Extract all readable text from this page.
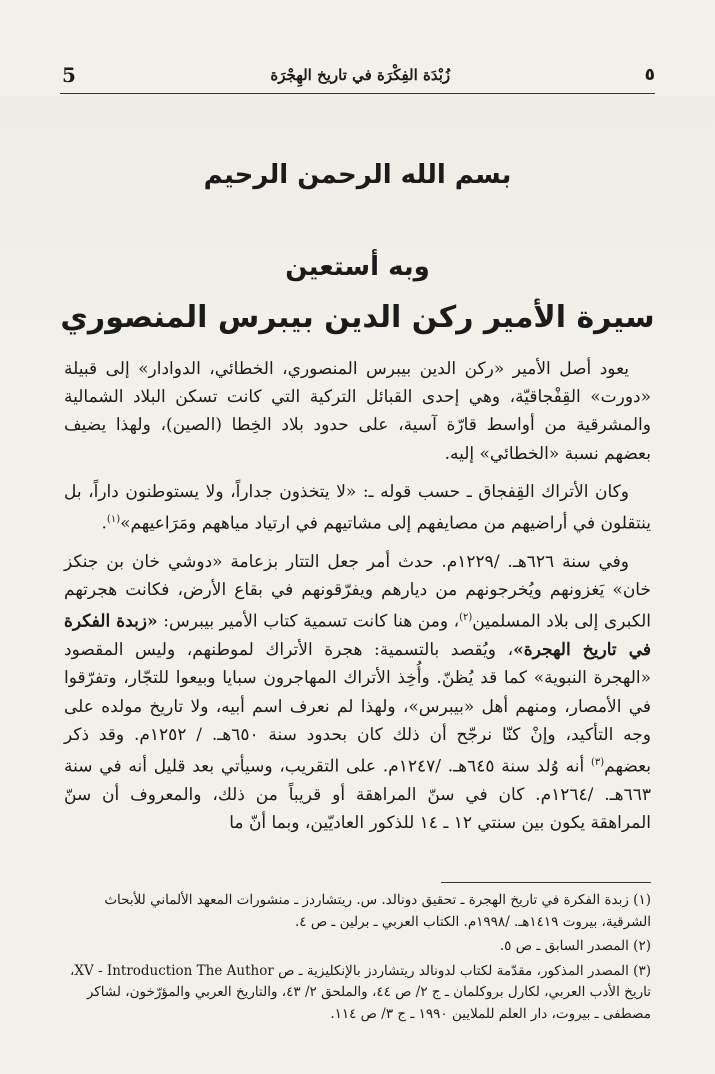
5	زُبْدَة الفِكْرَة في تاريخ الهِجْرَة	٥
بسم الله الرحمن الرحيم
وبه أستعين
سيرة الأمير ركن الدين بيبرس المنصوري

يعود أصل الأمير «ركن الدين بيبرس المنصوري، الخطائي، الدوادار» إلى قبيلة «دورت» القِفْجاقيّة، وهي إحدى القبائل التركية التي كانت تسكن البلاد الشمالية والمشرقية من أواسط قارّة آسية، على حدود بلاد الخِطا (الصين)، ولهذا يضيف بعضهم نسبة «الخطائي» إليه.

وكان الأتراك القِفجاق ـ حسب قوله ـ: «لا يتخذون جداراً، ولا يستوطنون داراً، بل ينتقلون في أراضيهم من مصايفهم إلى مشاتيهم في ارتياد مياههم ومَرَاعيهم»$^{(١)}$.

وفي سنة ٦٢٦هـ. /١٢٢٩م. حدث أمر جعل التتار بزعامة «دوشي خان بن جنكز خان» يَغزونهم ويُخرجونهم من ديارهم ويفرّقونهم في بقاع الأرض، فكانت هجرتهم الكبرى إلى بلاد المسلمين$^{(٢)}$، ومن هنا كانت تسمية كتاب الأمير بيبرس: «زبدة الفكرة في تاريخ الهجرة»، ويُقصد بالتسمية: هجرة الأتراك لموطنهم، وليس المقصود «الهجرة النبوية» كما قد يُظنّ. وأُخِذ الأتراك المهاجرون سبايا وبيعوا للتجّار، وتفرّقوا في الأمصار، ومنهم أهل «بيبرس»، ولهذا لم نعرف اسم أبيه، ولا تاريخ مولده على وجه التأكيد، وإنْ كنّا نرجّح أن ذلك كان بحدود سنة ٦٥٠هـ. / ١٢٥٢م. وقد ذكر بعضهم$^{(٣)}$ أنه وُلد سنة ٦٤٥هـ. /١٢٤٧م. على التقريب، وسيأتي بعد قليل أنه في سنة ٦٦٣هـ. /١٢٦٤م. كان في سنّ المراهقة أو قريباً من ذلك، والمعروف أن سنّ المراهقة يكون بين سنتي ١٢ ـ ١٤ للذكور العاديّين، وبما أنّ ما

(١) زبدة الفكرة في تاريخ الهجرة ـ تحقيق دونالد. س. ريتشاردز ـ منشورات المعهد الألماني للأبحاث الشرقية، بيروت ١٤١٩هـ. /١٩٩٨م. الكتاب العربي ـ برلين ـ ص ٤.

(٢) المصدر السابق ـ ص ٥.

(٣) المصدر المذكور، مقدّمة لكتاب لدونالد ريتشاردز بالإنكليزية ـ ص XV - Introduction The Author، تاريخ الأدب العربي، لكارل بروكلمان ـ ج ٢/ ص ٤٤، والملحق ٢/ ٤٣، والتاريخ العربي والمؤرّخون، لشاكر مصطفى ـ بيروت، دار العلم للملايين ١٩٩٠ ـ ج ٣/ ص ١١٤.
